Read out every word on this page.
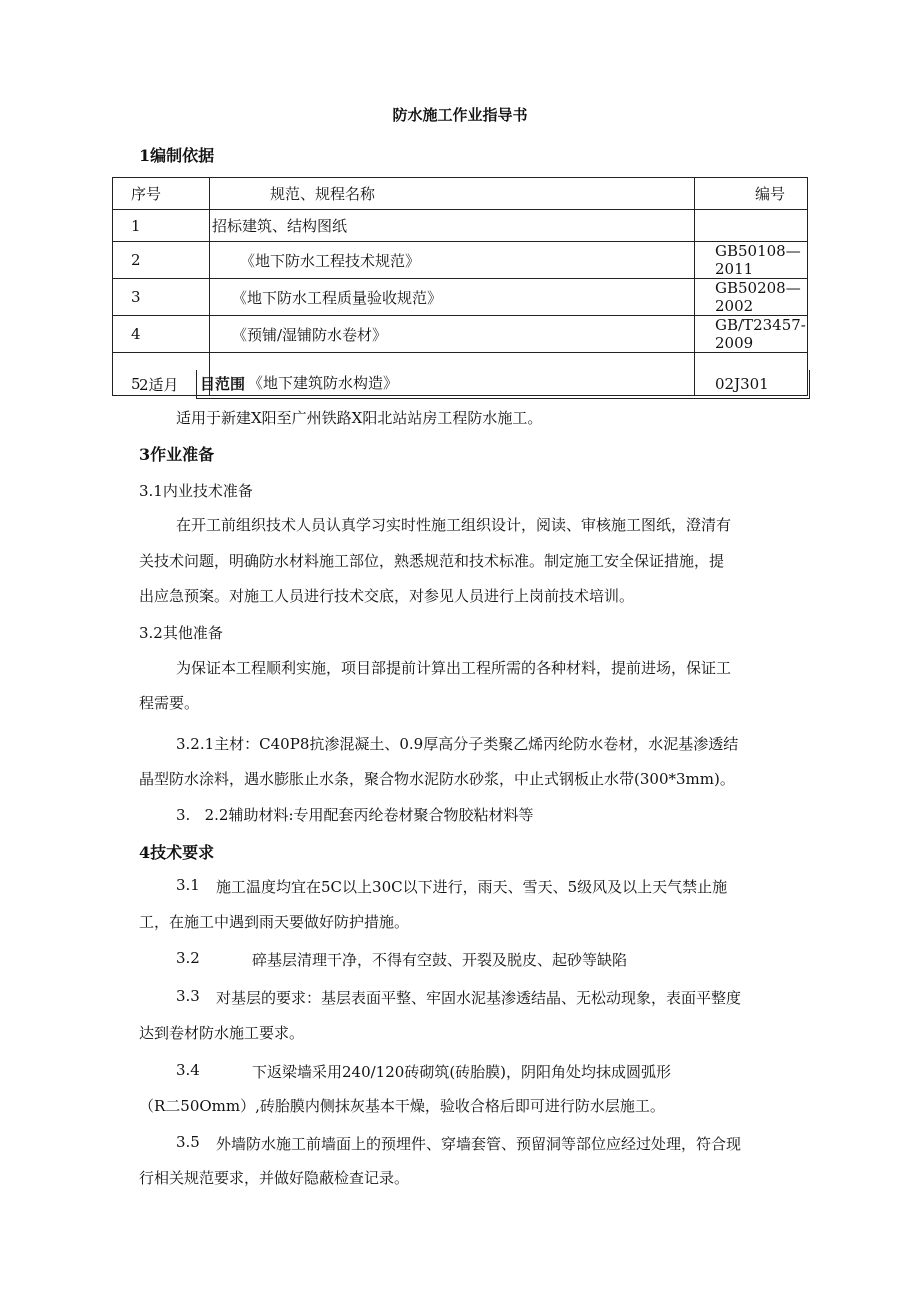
防水施工作业指导书
1编制依据
序号	规范、规程名称	编号
1	招标建筑、结构图纸	
2	《地下防水工程技术规范》	GB50108—2011
3	《地下防水工程质量验收规范》	GB50208—2002
4	《预铺/湿铺防水卷材》	GB/T23457-2009
5	《地下建筑防水构造》	02J301
2适月 目范围
适用于新建X阳至广州铁路X阳北站站房工程防水施工。
3作业准备
3.1内业技术准备
在开工前组织技术人员认真学习实时性施工组织设计，阅读、审核施工图纸，澄清有
关技术问题，明确防水材料施工部位，熟悉规范和技术标准。制定施工安全保证措施，提
出应急预案。对施工人员进行技术交底，对参见人员进行上岗前技术培训。
3.2其他准备
为保证本工程顺利实施，项目部提前计算出工程所需的各种材料，提前进场，保证工
程需要。
3.2.1主材：C40P8抗渗混凝土、0.9厚高分子类聚乙烯丙纶防水卷材，水泥基渗透结
晶型防水涂料，遇水膨胀止水条，聚合物水泥防水砂浆，中止式钢板止水带(300*3mm)。
3.   2.2辅助材料:专用配套丙纶卷材聚合物胶粘材料等
4技术要求
3.1 施工温度均宜在5C以上30C以下进行，雨天、雪天、5级风及以上天气禁止施
工，在施工中遇到雨天要做好防护措施。
3.2	碎基层清理干净，不得有空鼓、开裂及脱皮、起砂等缺陷
3.3 对基层的要求：基层表面平整、牢固水泥基渗透结晶、无松动现象，表面平整度
达到卷材防水施工要求。
3.4	下返梁墙采用240/120砖砌筑(砖胎膜)，阴阳角处均抹成圆弧形
（R二50Omm）,砖胎膜内侧抹灰基本干燥，验收合格后即可进行防水层施工。
3.5 外墙防水施工前墙面上的预埋件、穿墙套管、预留洞等部位应经过处理，符合现
行相关规范要求，并做好隐蔽检查记录。
